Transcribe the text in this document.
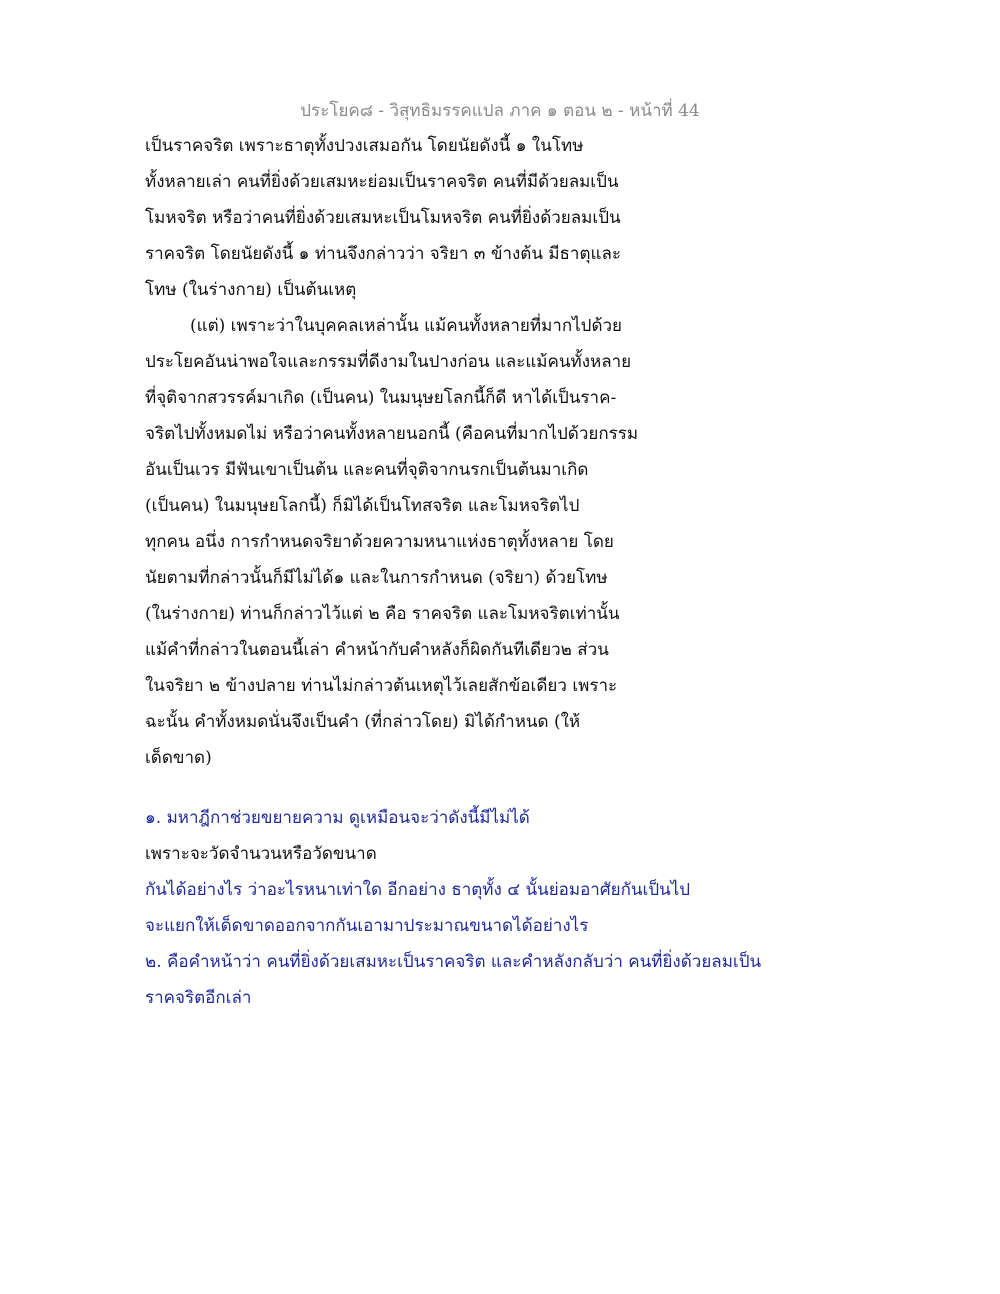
ประโยค๘ - วิสุทธิมรรคแปล ภาค ๑ ตอน ๒ - หน้าที่ 44
เป็นราคจริต เพราะธาตุทั้งปวงเสมอกัน โดยนัยดังนี้ ๑ ในโทษ
ทั้งหลายเล่า คนที่ยิ่งด้วยเสมหะย่อมเป็นราคจริต คนที่มีด้วยลมเป็น
โมหจริต หรือว่าคนที่ยิ่งด้วยเสมหะเป็นโมหจริต คนที่ยิ่งด้วยลมเป็น
ราคจริต โดยนัยดังนี้ ๑ ท่านจึงกล่าวว่า จริยา ๓ ข้างต้น มีธาตุและ
โทษ (ในร่างกาย) เป็นต้นเหตุ
(แต่) เพราะว่าในบุคคลเหล่านั้น แม้คนทั้งหลายที่มากไปด้วย
ประโยคอันน่าพอใจและกรรมที่ดีงามในปางก่อน และแม้คนทั้งหลาย
ที่จุติจากสวรรค์มาเกิด (เป็นคน) ในมนุษยโลกนี้ก็ดี หาได้เป็นราค-
จริตไปทั้งหมดไม่ หรือว่าคนทั้งหลายนอกนี้ (คือคนที่มากไปด้วยกรรม
อันเป็นเวร มีฟันเขาเป็นต้น และคนที่จุติจากนรกเป็นต้นมาเกิด
(เป็นคน) ในมนุษยโลกนี้) ก็มิได้เป็นโทสจริต และโมหจริตไป
ทุกคน อนึ่ง การกำหนดจริยาด้วยความหนาแห่งธาตุทั้งหลาย โดย
นัยตามที่กล่าวนั้นก็มีไม่ได้๑ และในการกำหนด (จริยา) ด้วยโทษ
(ในร่างกาย) ท่านก็กล่าวไว้แต่ ๒ คือ ราคจริต และโมหจริตเท่านั้น
แม้คำที่กล่าวในตอนนี้เล่า คำหน้ากับคำหลังก็ผิดกันทีเดียว๒ ส่วน
ในจริยา ๒ ข้างปลาย ท่านไม่กล่าวต้นเหตุไว้เลยสักข้อเดียว เพราะ
ฉะนั้น คำทั้งหมดนั่นจึงเป็นคำ (ที่กล่าวโดย) มิได้กำหนด (ให้
เด็ดขาด)
๑. มหาฎีกาช่วยขยายความ ดูเหมือนจะว่าดังนี้มีไม่ได้
เพราะจะวัดจำนวนหรือวัดขนาด
กันได้อย่างไร ว่าอะไรหนาเท่าใด อีกอย่าง ธาตุทั้ง ๔ นั้นย่อมอาศัยกันเป็นไป
จะแยกให้เด็ดขาดออกจากกันเอามาประมาณขนาดได้อย่างไร
๒. คือคำหน้าว่า คนที่ยิ่งด้วยเสมหะเป็นราคจริต และคำหลังกลับว่า คนที่ยิ่งด้วยลมเป็น
ราคจริตอีกเล่า
